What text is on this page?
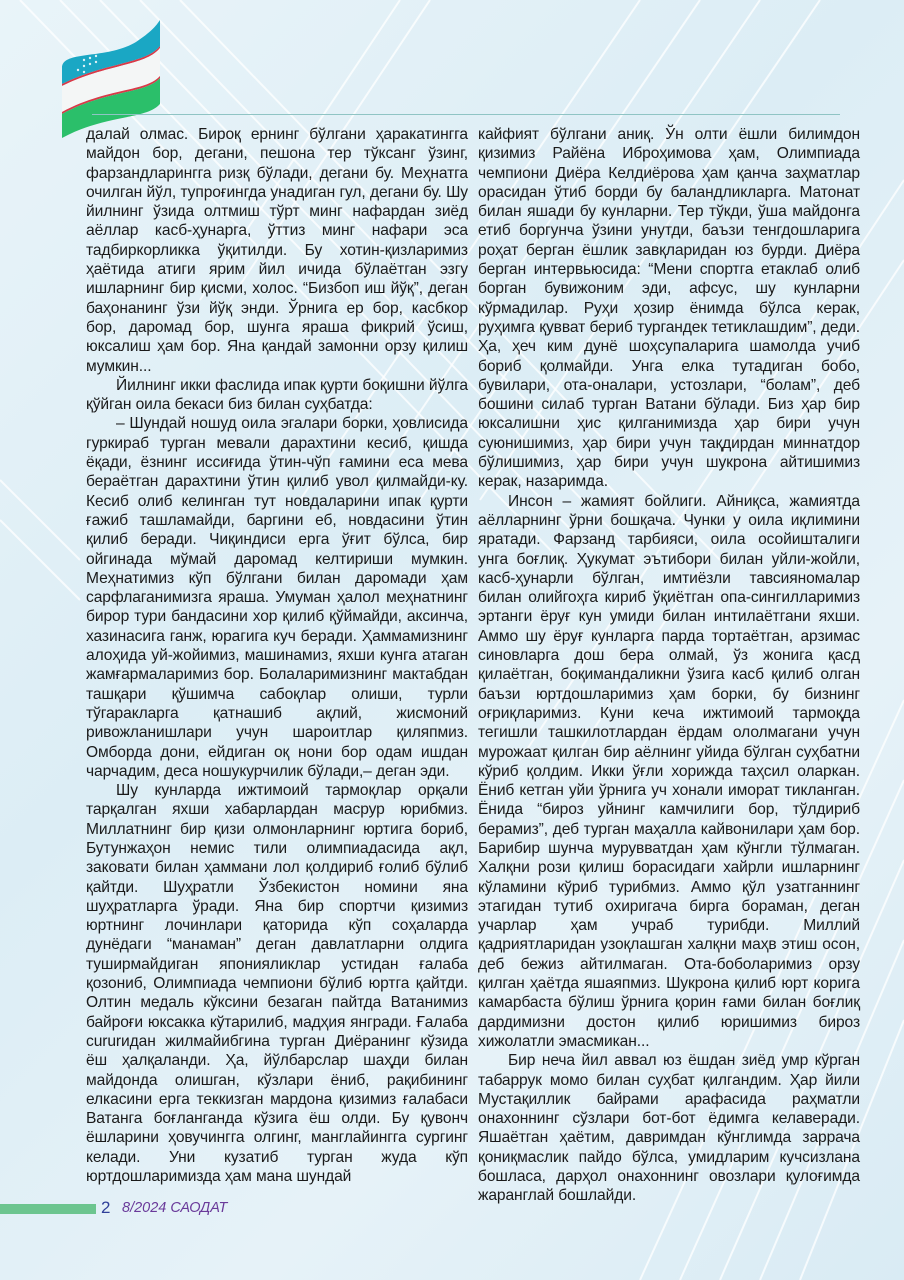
далай олмас. Бироқ ернинг бўлгани ҳаракатингга майдон бор, дегани, пешона тер тўксанг ўзинг, фарзандларингга ризқ бўлади, дегани бу. Меҳнатга очилган йўл, тупроғингда унадиган гул, дегани бу. Шу йилнинг ўзида олтмиш тўрт минг нафардан зиёд аёллар касб-ҳунарга, ўттиз минг нафари эса тадбиркорликка ўқитилди. Бу хотин-қизларимиз ҳаётида атиги ярим йил ичида бўлаётган эзгу ишларнинг бир қисми, холос. “Бизбоп иш йўқ”, деган баҳонанинг ўзи йўқ энди. Ўрнига ер бор, касбкор бор, даромад бор, шунга яраша фикрий ўсиш, юксалиш ҳам бор. Яна қандай замонни орзу қилиш мумкин...

Йилнинг икки фаслида ипак қурти боқишни йўлга қўйган оила бекаси биз билан суҳбатда:

– Шундай ношуд оила эгалари борки, ҳовлисида гуркираб турган мевали дарахтини кесиб, қишда ёқади, ёзнинг иссиғида ўтин-чўп ғамини еса мева бераётган дарахтини ўтин қилиб увол қилмайди-ку. Кесиб олиб келинган тут новдаларини ипак қурти ғажиб ташламайди, баргини еб, новдасини ўтин қилиб беради. Чиқиндиси ерга ўғит бўлса, бир ойгинада мўмай даромад келтириши мумкин. Меҳнатимиз кўп бўлгани билан даромади ҳам сарфлаганимизга яраша. Умуман ҳалол меҳнатнинг бирор тури бандасини хор қилиб қўймайди, аксинча, хазинасига ганж, юрагига куч беради. Ҳаммамизнинг алоҳида уй-жойимиз, машинамиз, яхши кунга атаган жамғармаларимиз бор. Болаларимизнинг мактабдан ташқари қўшимча сабоқлар олиши, турли тўгаракларга қатнашиб ақлий, жисмоний ривожланишлари учун шароитлар қиляпмиз. Омборда дони, ейдиган оқ нони бор одам ишдан чарчадим, деса ношукурчилик бўлади,– деган эди.

Шу кунларда ижтимоий тармоқлар орқали тарқалган яхши хабарлардан масрур юрибмиз. Миллатнинг бир қизи олмонларнинг юртига бориб, Бутунжаҳон немис тили олимпиадасида ақл, заковати билан ҳаммани лол қолдириб ғолиб бўлиб қайтди. Шуҳратли Ўзбекистон номини яна шуҳратларга ўради. Яна бир спортчи қизимиз юртнинг лочинлари қаторида кўп соҳаларда дунёдаги “манаман” деган давлатларни олдига туширмайдиган японияликлар устидан ғалаба қозониб, Олимпиада чемпиони бўлиб юртга қайтди. Олтин медаль кўксини безаган пайтда Ватанимиз байроғи юксакка кўтарилиб, мадҳия янгради. Ғалаба сururидан жилмайибгина турган Диёранинг кўзида ёш ҳалқаланди. Ҳа, йўлбарслар шаҳди билан майдонда олишган, кўзлари ёниб, рақибининг елкасини ерга теккизган мардона қизимиз ғалабаси Ватанга боғланганда кўзига ёш олди. Бу қувонч ёшларини ҳовучингга олгинг, манглайингга сургинг келади. Уни кузатиб турган жуда кўп юртдошларимизда ҳам мана шундай

кайфият бўлгани аниқ. Ўн олти ёшли билимдон қизимиз Райёна Иброҳимова ҳам, Олимпиада чемпиони Диёра Келдиёрова ҳам қанча заҳматлар орасидан ўтиб борди бу баландликларга. Матонат билан яшади бу кунларни. Тер тўкди, ўша майдонга етиб боргунча ўзини унутди, баъзи тенгдошларига роҳат берган ёшлик завқларидан юз бурди. Диёра берган интервьюсида: “Мени спортга етаклаб олиб борган бувижоним эди, афсус, шу кунларни кўрмадилар. Руҳи ҳозир ёнимда бўлса керак, руҳимга қувват бериб тургандек тетиклашдим”, деди. Ҳа, ҳеч ким дунё шоҳсупаларига шамолда учиб бориб қолмайди. Унга елка тутадиган бобо, бувилари, ота-оналари, устозлари, “болам”, деб бошини силаб турган Ватани бўлади. Биз ҳар бир юксалишни ҳис қилганимизда ҳар бири учун суюнишимиз, ҳар бири учун тақдирдан миннатдор бўлишимиз, ҳар бири учун шукрона айтишимиз керак, назаримда.

Инсон – жамият бойлиги. Айниқса, жамиятда аёлларнинг ўрни бошқача. Чунки у оила иқлимини яратади. Фарзанд тарбияси, оила осойишталиги унга боғлиқ. Ҳукумат эътибори билан уйли-жойли, касб-ҳунарли бўлган, имтиёзли тавсияномалар билан олийгоҳга кириб ўқиётган опа-сингилларимиз эртанги ёруғ кун умиди билан интилаётгани яхши. Аммо шу ёруғ кунларга парда тортаётган, арзимас синовларга дош бера олмай, ўз жонига қасд қилаётган, боқимандаликни ўзига касб қилиб олган баъзи юртдошларимиз ҳам борки, бу бизнинг оғриқларимиз. Куни кеча ижтимоий тармоқда тегишли ташкилотлардан ёрдам ололмагани учун мурожаат қилган бир аёлнинг уйида бўлган суҳбатни кўриб қолдим. Икки ўғли хорижда таҳсил оларкан. Ёниб кетган уйи ўрнига уч хонали иморат тикланган. Ёнида “бироз уйнинг камчилиги бор, тўлдириб берамиз”, деб турган маҳалла кайвонилари ҳам бор. Барибир шунча мурувватдан ҳам кўнгли тўлмаган. Халқни рози қилиш борасидаги хайрли ишларнинг кўламини кўриб турибмиз. Аммо қўл узатганнинг этагидан тутиб охиригача бирга бораман, деган учарлар ҳам учраб турибди. Миллий қадриятларидан узоқлашган халқни маҳв этиш осон, деб бежиз айтилмаган. Ота-боболаримиз орзу қилган ҳаётда яшаяпмиз. Шукрона қилиб юрт корига камарбаста бўлиш ўрнига қорин ғами билан боғлиқ дардимизни достон қилиб юришимиз бироз хижолатли эмасмикан...

Бир неча йил аввал юз ёшдан зиёд умр кўрган табаррук момо билан суҳбат қилгандим. Ҳар йили Мустақиллик байрами арафасида раҳматли онахоннинг сўзлари бот-бот ёдимга келаверади. Яшаётган ҳаётим, давримдан кўнглимда заррача қониқмаслик пайдо бўлса, умидларим кучсизлана бошласа, дарҳол онахоннинг овозлари қулоғимда жаранглай бошлайди.

2 8/2024 САОДАТ
